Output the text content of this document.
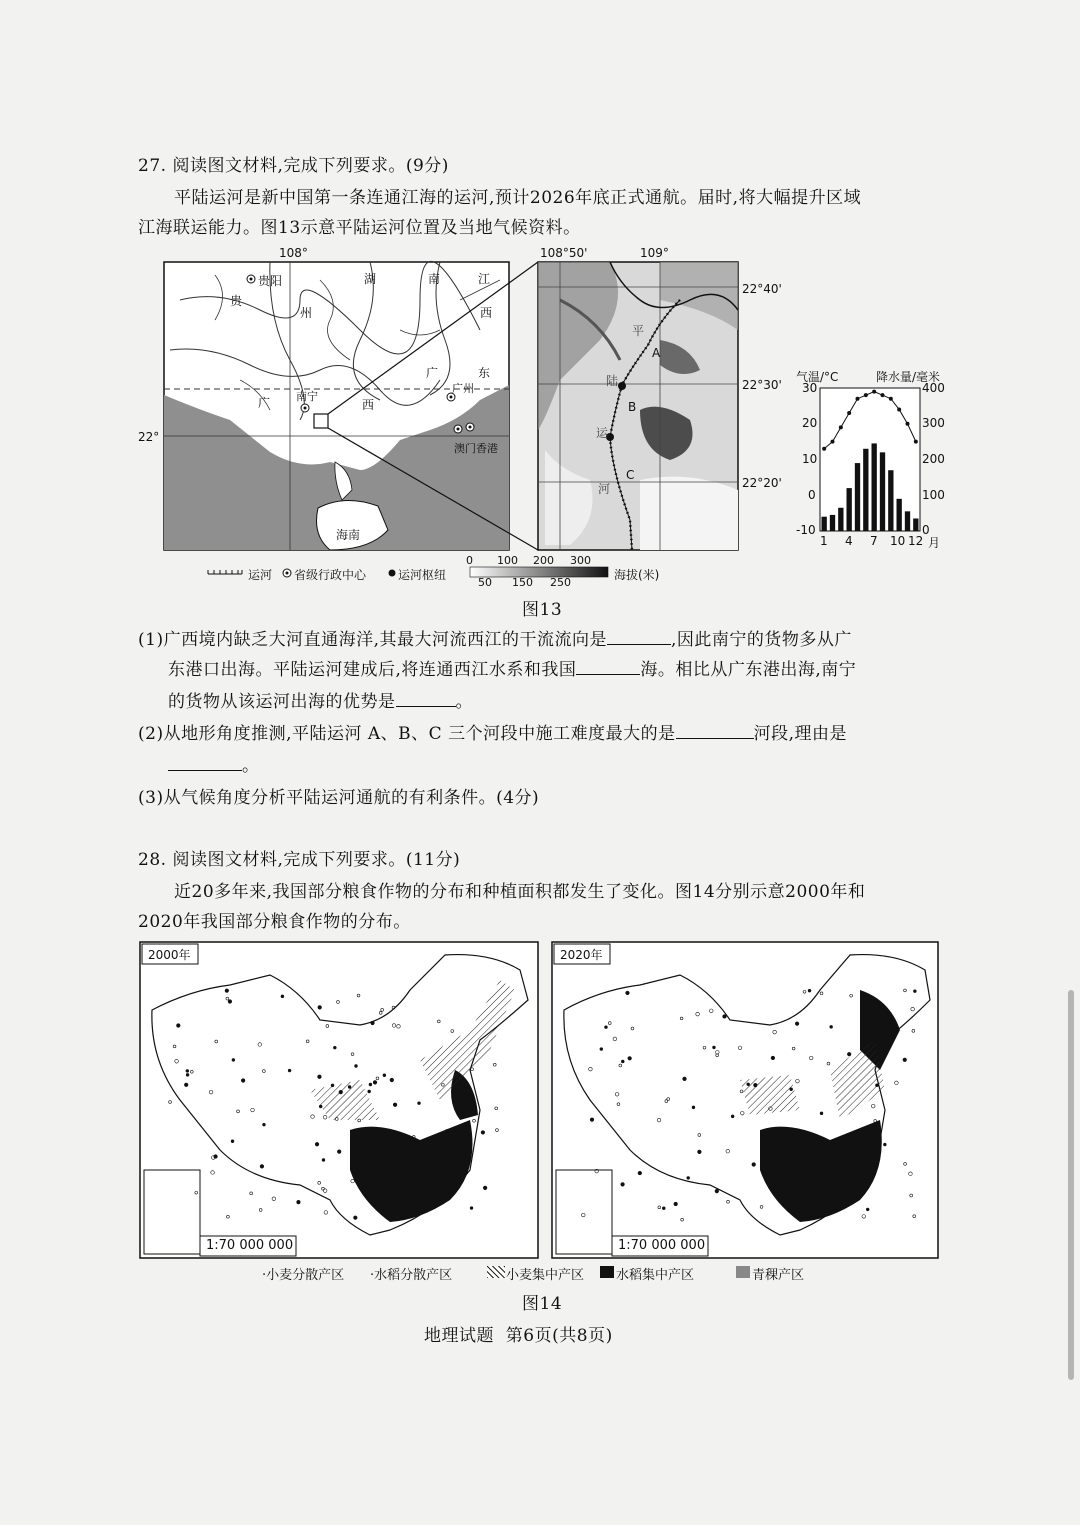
27. 阅读图文材料,完成下列要求。(9分)
平陆运河是新中国第一条连通江海的运河,预计2026年底正式通航。届时,将大幅提升区域
江海联运能力。图13示意平陆运河位置及当地气候资料。
108°
22°
贵阳
贵
州
湖	南	江
西
广	东
广	西
南宁
广州
澳门 香港
海南
108°50'	109°
22°40'
22°30'
22°20'
A
B
C
平
陆
运
河
运河 省级行政中心	运河枢纽
0 100 200 300
50 150 250
海拔(米)
气温/°C	降水量/毫米
30
20
10
0
-10
400
300
200
100
0
1 4 7 10 12 月
图13
(1)广西境内缺乏大河直通海洋,其最大河流西江的干流流向是	,因此南宁的货物多从广
东港口出海。平陆运河建成后,将连通西江水系和我国	海。相比从广东港出海,南宁
的货物从该运河出海的优势是	。
(2)从地形角度推测,平陆运河 A、B、C 三个河段中施工难度最大的是	河段,理由是
。
(3)从气候角度分析平陆运河通航的有利条件。(4分)
28. 阅读图文材料,完成下列要求。(11分)
近20多年来,我国部分粮食作物的分布和种植面积都发生了变化。图14分别示意2000年和
2020年我国部分粮食作物的分布。
2000年	2020年
1:70 000 000	1:70 000 000
·小麦分散产区 ·水稻分散产区	小麦集中产区 水稻集中产区	青稞产区
图14
地理试题  第6页(共8页)
